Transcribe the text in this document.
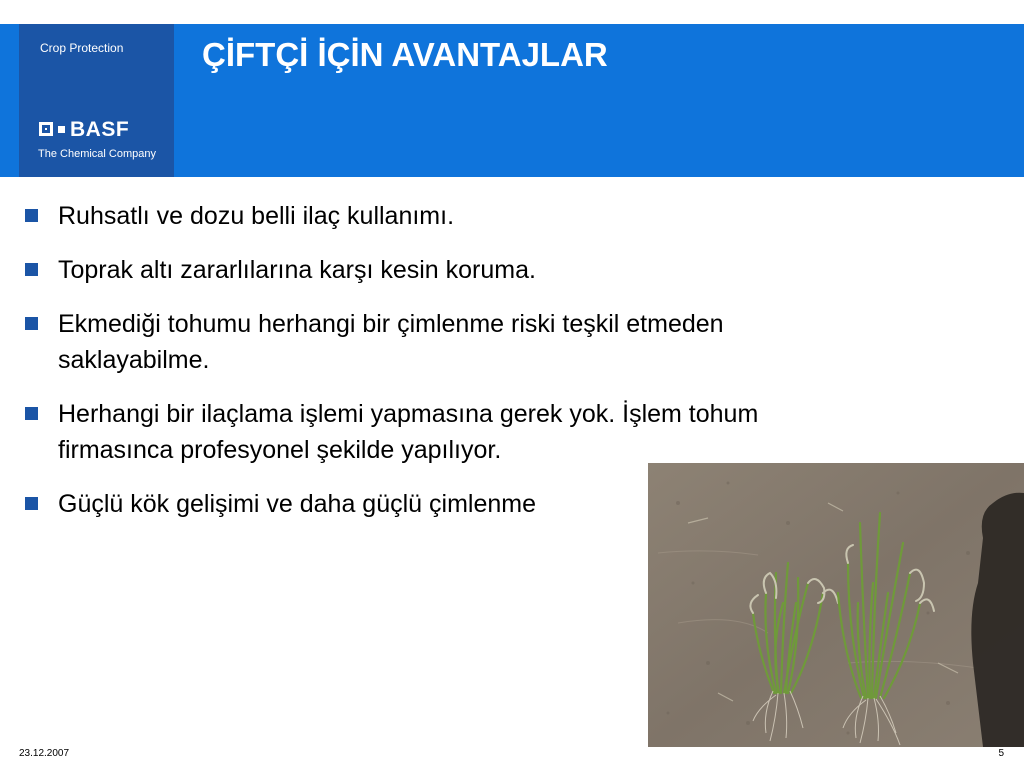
Crop Protection
BASF
The Chemical Company
ÇİFTÇİ İÇİN AVANTAJLAR
Ruhsatlı ve dozu belli ilaç kullanımı.
Toprak altı zararlılarına karşı kesin koruma.
Ekmediği tohumu herhangi bir çimlenme riski teşkil etmeden
saklayabilme.
Herhangi bir ilaçlama işlemi yapmasına gerek yok. İşlem tohum
firmasınca profesyonel şekilde yapılıyor.
Güçlü kök gelişimi ve daha güçlü çimlenme
23.12.2007	5
